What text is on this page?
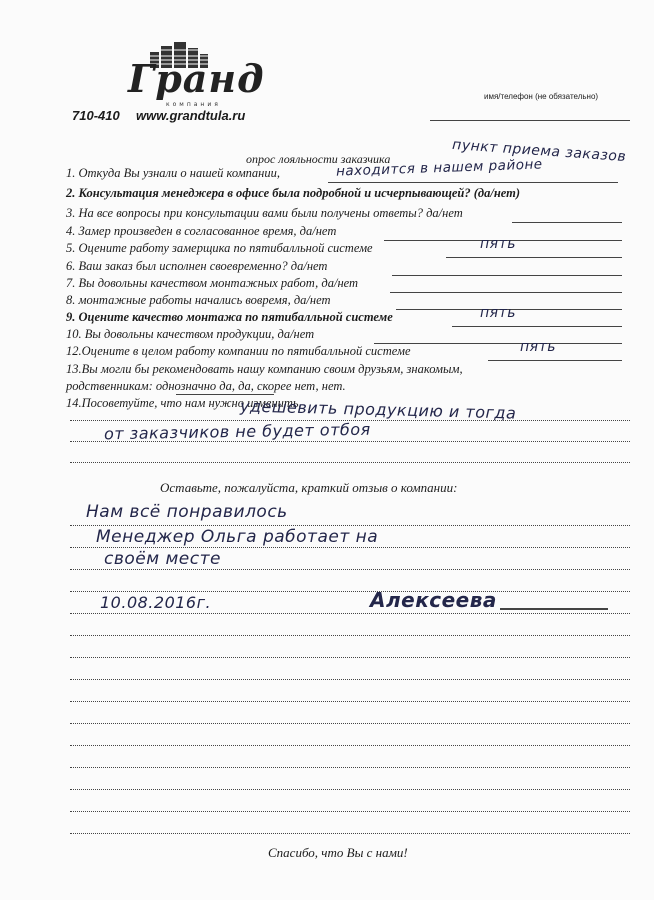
Гранд
компания
710-410 www.grandtula.ru
имя/телефон (не обязательно)
опрос лояльности заказчика	пункт приема заказов
1. Откуда Вы узнали о нашей компании,	находится в нашем районе
2. Консультация менеджера в офисе была подробной и исчерпывающей? (да/нет)
3. На все вопросы при консультации вами были получены ответы? да/нет
4. Замер произведен в согласованное время, да/нет
5. Оцените работу замерщика по пятибалльной системе	пять
6. Ваш заказ был исполнен своевременно? да/нет
7. Вы довольны качеством монтажных работ, да/нет
8. монтажные работы начались вовремя, да/нет
9. Оцените качество монтажа по пятибалльной системе	пять
10. Вы довольны качеством продукции, да/нет
12.Оцените в целом работу компании по пятибалльной системе	пять
13.Вы могли бы рекомендовать нашу компанию своим друзьям, знакомым,
родственникам: однозначно да, да, скорее нет, нет.
14.Посоветуйте, что нам нужно изменить.
удешевить продукцию и тогда
от заказчиков не будет отбоя
Оставьте, пожалуйста, краткий отзыв о компании:
Нам всё понравилось
Менеджер Ольга работает на
своём месте
10.08.2016г.	Алексеева
Спасибо, что Вы с нами!
